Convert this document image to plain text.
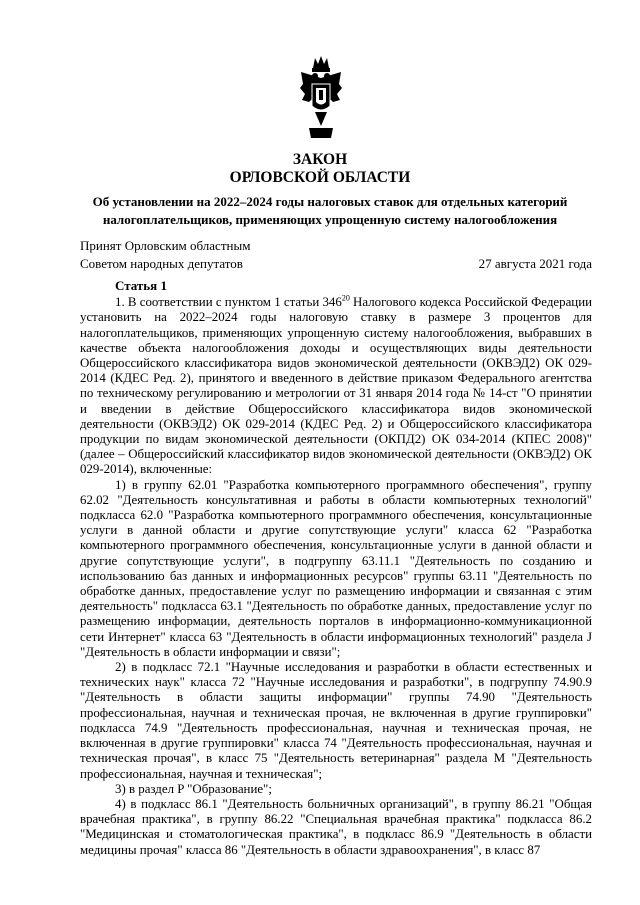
ЗАКОН
ОРЛОВСКОЙ ОБЛАСТИ
Об установлении на 2022–2024 годы налоговых ставок для отдельных категорий
налогоплательщиков, применяющих упрощенную систему налогообложения
Принят Орловским областным
Советом народных депутатов	27 августа 2021 года
Статья 1

1. В соответствии с пунктом 1 статьи $346^{20}$ Налогового кодекса Российской Федерации установить на 2022–2024 годы налоговую ставку в размере 3 процентов для налогоплательщиков, применяющих упрощенную систему налогообложения, выбравших в качестве объекта налогообложения доходы и осуществляющих виды деятельности Общероссийского классификатора видов экономической деятельности (ОКВЭД2) ОК 029-2014 (КДЕС Ред. 2), принятого и введенного в действие приказом Федерального агентства по техническому регулированию и метрологии от 31 января 2014 года № 14-ст "О принятии и введении в действие Общероссийского классификатора видов экономической деятельности (ОКВЭД2) ОК 029-2014 (КДЕС Ред. 2) и Общероссийского классификатора продукции по видам экономической деятельности (ОКПД2) ОК 034-2014 (КПЕС 2008)" (далее – Общероссийский классификатор видов экономической деятельности (ОКВЭД2) ОК 029-2014), включенные:

1) в группу 62.01 "Разработка компьютерного программного обеспечения", группу 62.02 "Деятельность консультативная и работы в области компьютерных технологий" подкласса 62.0 "Разработка компьютерного программного обеспечения, консультационные услуги в данной области и другие сопутствующие услуги" класса 62 "Разработка компьютерного программного обеспечения, консультационные услуги в данной области и другие сопутствующие услуги", в подгруппу 63.11.1 "Деятельность по созданию и использованию баз данных и информационных ресурсов" группы 63.11 "Деятельность по обработке данных, предоставление услуг по размещению информации и связанная с этим деятельность" подкласса 63.1 "Деятельность по обработке данных, предоставление услуг по размещению информации, деятельность порталов в информационно-коммуникационной сети Интернет" класса 63 "Деятельность в области информационных технологий" раздела J "Деятельность в области информации и связи";

2) в подкласс 72.1 "Научные исследования и разработки в области естественных и технических наук" класса 72 "Научные исследования и разработки", в подгруппу 74.90.9 "Деятельность в области защиты информации" группы 74.90 "Деятельность профессиональная, научная и техническая прочая, не включенная в другие группировки" подкласса 74.9 "Деятельность профессиональная, научная и техническая прочая, не включенная в другие группировки" класса 74 "Деятельность профессиональная, научная и техническая прочая", в класс 75 "Деятельность ветеринарная" раздела M "Деятельность профессиональная, научная и техническая";

3) в раздел P "Образование";

4) в подкласс 86.1 "Деятельность больничных организаций", в группу 86.21 "Общая врачебная практика", в группу 86.22 "Специальная врачебная практика" подкласса 86.2 "Медицинская и стоматологическая практика", в подкласс 86.9 "Деятельность в области медицины прочая" класса 86 "Деятельность в области здравоохранения", в класс 87
